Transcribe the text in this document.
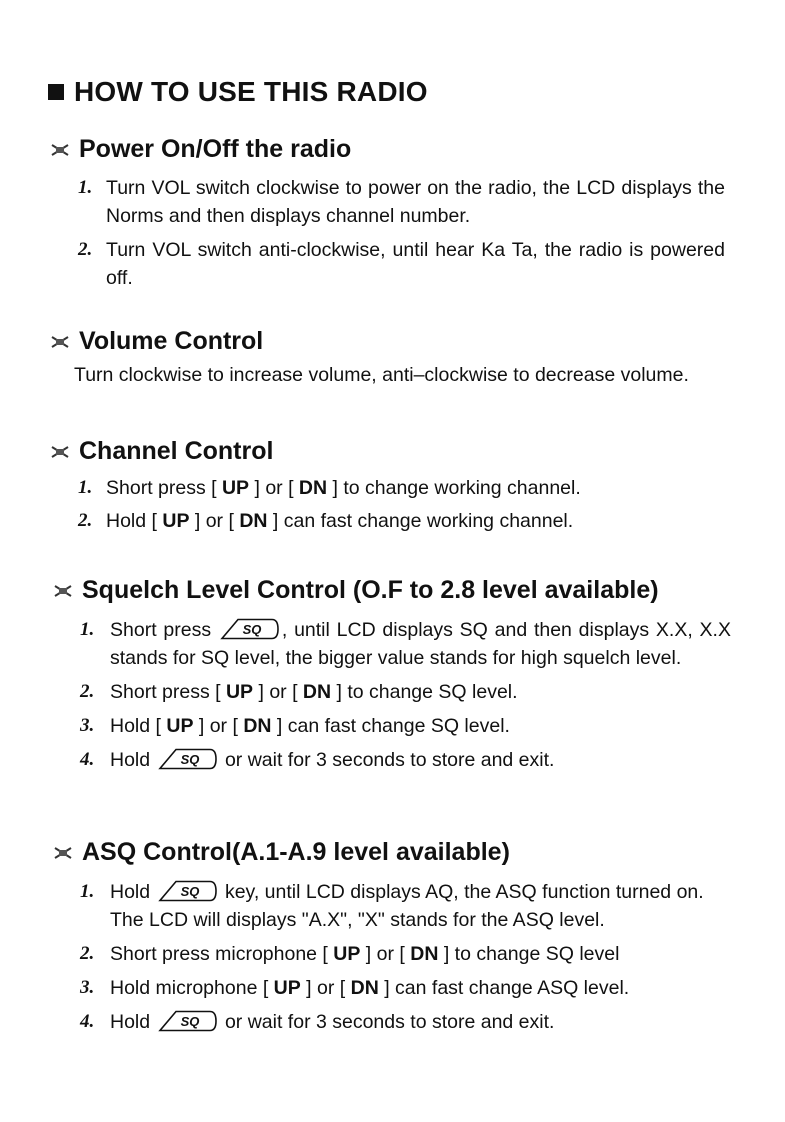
HOW TO USE THIS RADIO
Power On/Off the radio
1. Turn VOL switch clockwise to power on the radio, the LCD displays the Norms and then displays channel number.
2. Turn VOL switch anti-clockwise, until hear Ka Ta, the radio is powered off.
Volume Control

Turn clockwise to increase volume, anti–clockwise to decrease volume.

Channel Control
1. Short press [ UP ] or [ DN ] to change working channel.
2. Hold [ UP ] or [ DN ] can fast change working channel.
Squelch Level Control (O.F to 2.8 level available)
1. Short press SQ , until LCD displays SQ and then displays X.X, X.X stands for SQ level, the bigger value stands for high squelch level.
2. Short press [ UP ] or [ DN ] to change SQ level.
3. Hold [ UP ] or [ DN ] can fast change SQ level.
4. Hold SQ or wait for 3 seconds to store and exit.
ASQ Control(A.1-A.9 level available)
1. Hold SQ key, until LCD displays AQ, the ASQ function turned on. The LCD will displays "A.X", "X" stands for the ASQ level.
2. Short press microphone [ UP ] or [ DN ] to change SQ level
3. Hold microphone [ UP ] or [ DN ] can fast change ASQ level.
4. Hold SQ or wait for 3 seconds to store and exit.
